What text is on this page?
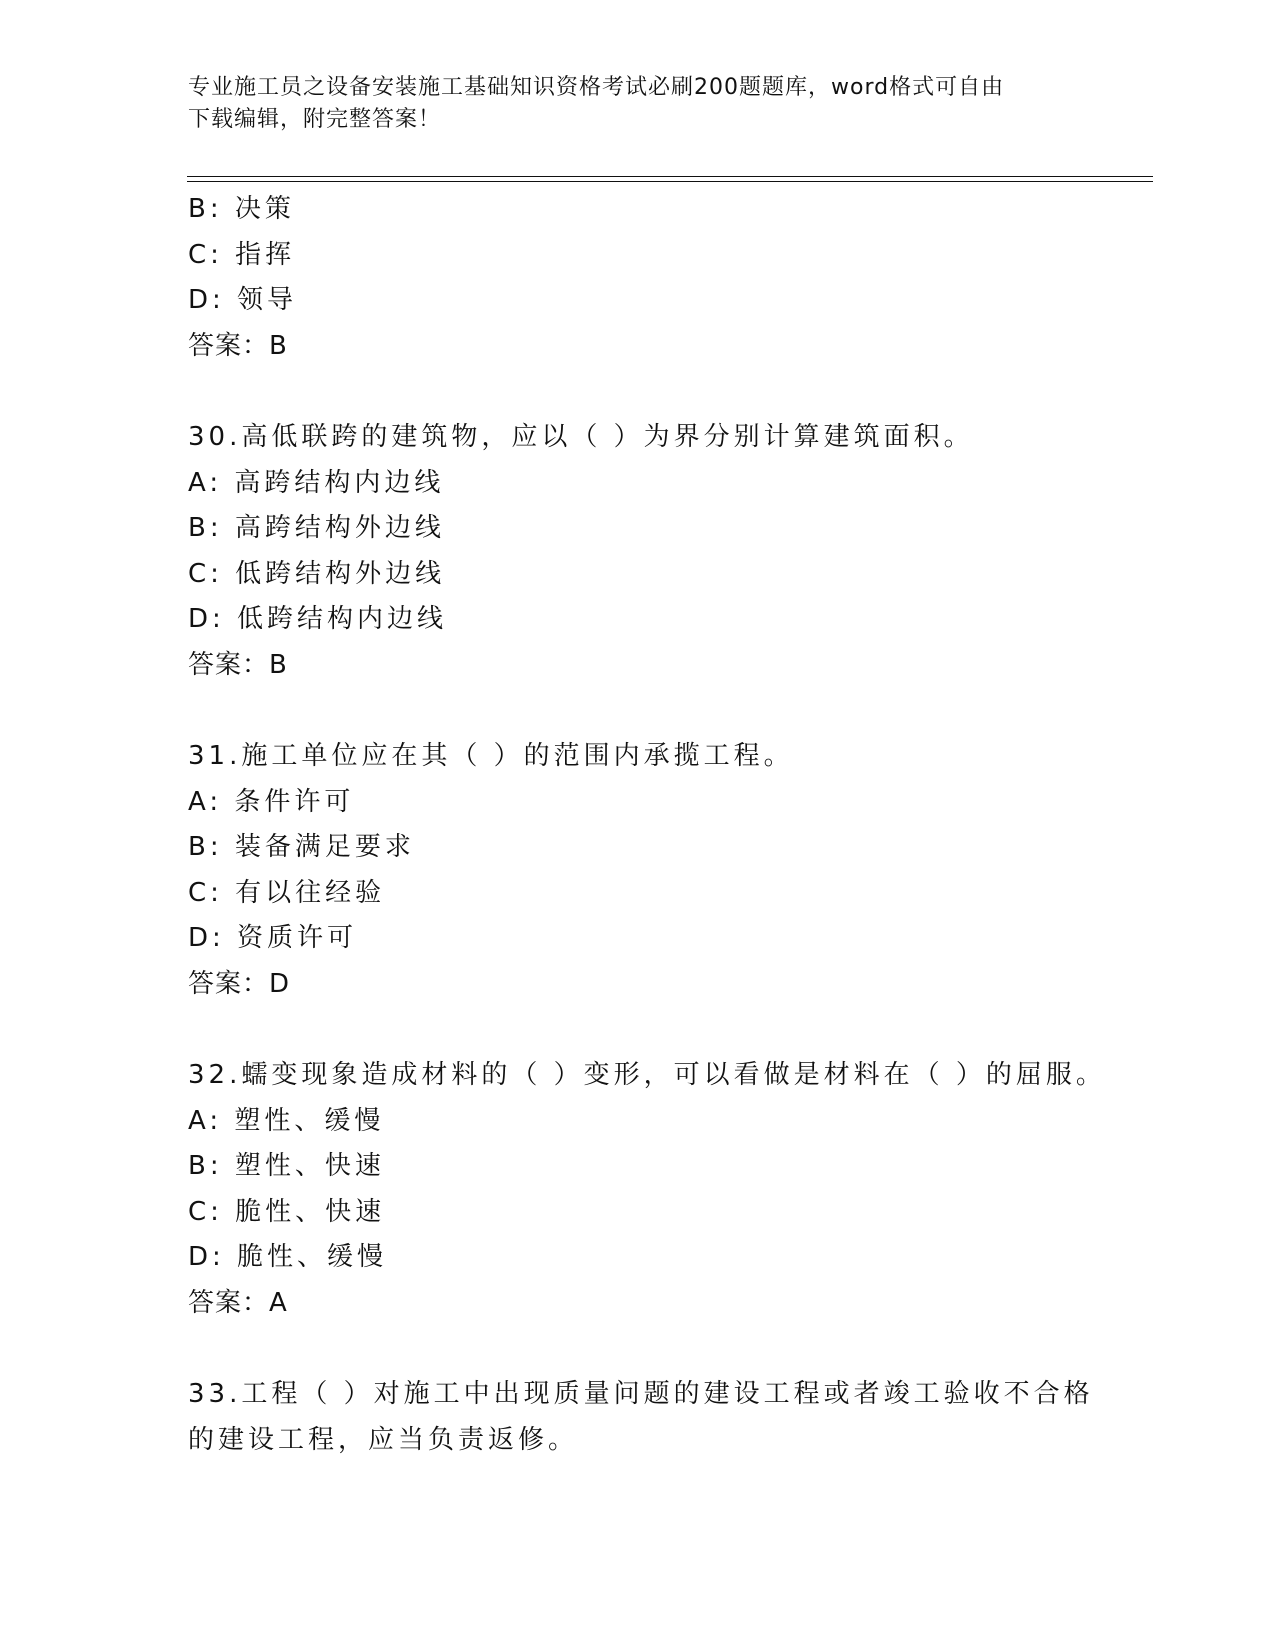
专业施工员之设备安装施工基础知识资格考试必刷200题题库，word格式可自由
下载编辑，附完整答案！
B: 决策
C: 指挥
D: 领导
答案：B
30.高低联跨的建筑物，应以（ ）为界分别计算建筑面积。
A: 高跨结构内边线
B: 高跨结构外边线
C: 低跨结构外边线
D: 低跨结构内边线
答案：B
31.施工单位应在其（ ）的范围内承揽工程。
A: 条件许可
B: 装备满足要求
C: 有以往经验
D: 资质许可
答案：D
32.蠕变现象造成材料的（ ）变形，可以看做是材料在（ ）的屈服。
A: 塑性、缓慢
B: 塑性、快速
C: 脆性、快速
D: 脆性、缓慢
答案：A
33.工程（ ）对施工中出现质量问题的建设工程或者竣工验收不合格
的建设工程，应当负责返修。
